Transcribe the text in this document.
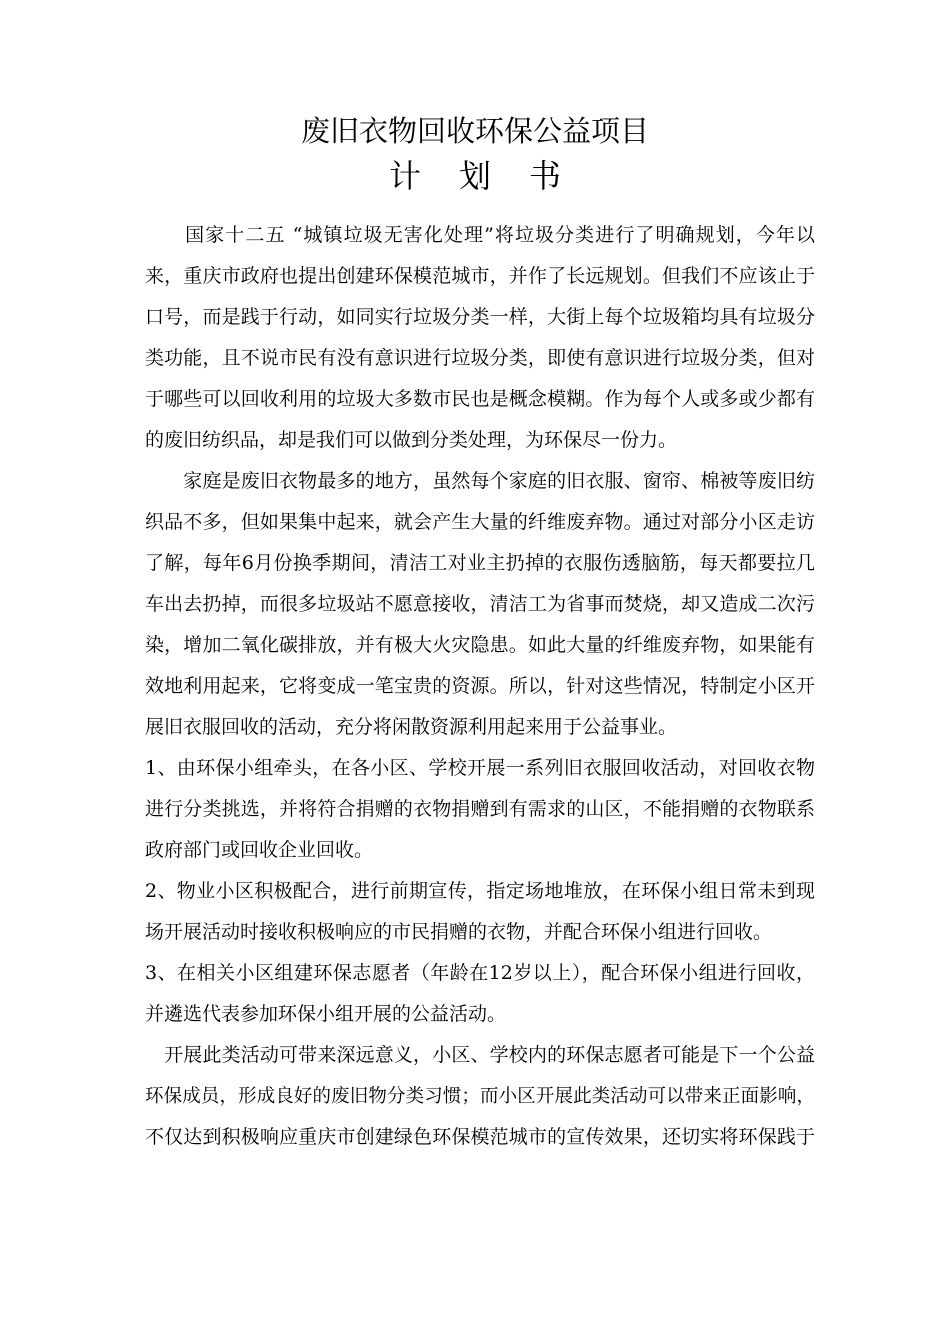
废旧衣物回收环保公益项目
计划书
　　国家十二五 “城镇垃圾无害化处理”将垃圾分类进行了明确规划，今年以
来，重庆市政府也提出创建环保模范城市，并作了长远规划。但我们不应该止于
口号，而是践于行动，如同实行垃圾分类一样，大街上每个垃圾箱均具有垃圾分
类功能，且不说市民有没有意识进行垃圾分类，即使有意识进行垃圾分类，但对
于哪些可以回收利用的垃圾大多数市民也是概念模糊。作为每个人或多或少都有
的废旧纺织品，却是我们可以做到分类处理，为环保尽一份力。
　　家庭是废旧衣物最多的地方，虽然每个家庭的旧衣服、窗帘、棉被等废旧纺
织品不多，但如果集中起来，就会产生大量的纤维废弃物。通过对部分小区走访
了解，每年6月份换季期间，清洁工对业主扔掉的衣服伤透脑筋，每天都要拉几
车出去扔掉，而很多垃圾站不愿意接收，清洁工为省事而焚烧，却又造成二次污
染，增加二氧化碳排放，并有极大火灾隐患。如此大量的纤维废弃物，如果能有
效地利用起来，它将变成一笔宝贵的资源。所以，针对这些情况，特制定小区开
展旧衣服回收的活动，充分将闲散资源利用起来用于公益事业。
1、由环保小组牵头，在各小区、学校开展一系列旧衣服回收活动，对回收衣物
进行分类挑选，并将符合捐赠的衣物捐赠到有需求的山区，不能捐赠的衣物联系
政府部门或回收企业回收。
2、物业小区积极配合，进行前期宣传，指定场地堆放，在环保小组日常未到现
场开展活动时接收积极响应的市民捐赠的衣物，并配合环保小组进行回收。
3、在相关小区组建环保志愿者（年龄在12岁以上），配合环保小组进行回收，
并遴选代表参加环保小组开展的公益活动。
　开展此类活动可带来深远意义，小区、学校内的环保志愿者可能是下一个公益
环保成员，形成良好的废旧物分类习惯；而小区开展此类活动可以带来正面影响，
不仅达到积极响应重庆市创建绿色环保模范城市的宣传效果，还切实将环保践于
